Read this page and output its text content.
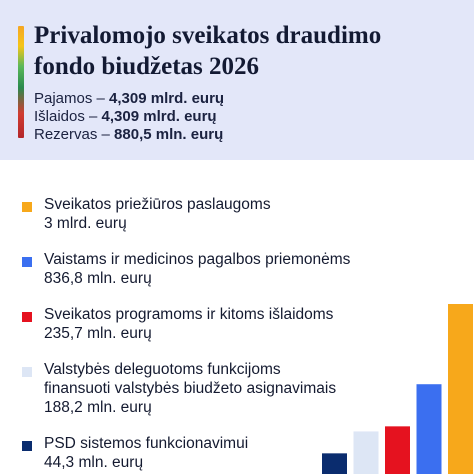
Privalomojo sveikatos draudimo
fondo biudžetas 2026
Pajamos – 4,309 mlrd. eurų
Išlaidos – 4,309 mlrd. eurų
Rezervas – 880,5 mln. eurų
Sveikatos priežiūros paslaugoms
3 mlrd. eurų
Vaistams ir medicinos pagalbos priemonėms
836,8 mln. eurų
Sveikatos programoms ir kitoms išlaidoms
235,7 mln. eurų
Valstybės deleguotoms funkcijoms
finansuoti valstybės biudžeto asignavimais
188,2 mln. eurų
PSD sistemos funkcionavimui
44,3 mln. eurų
